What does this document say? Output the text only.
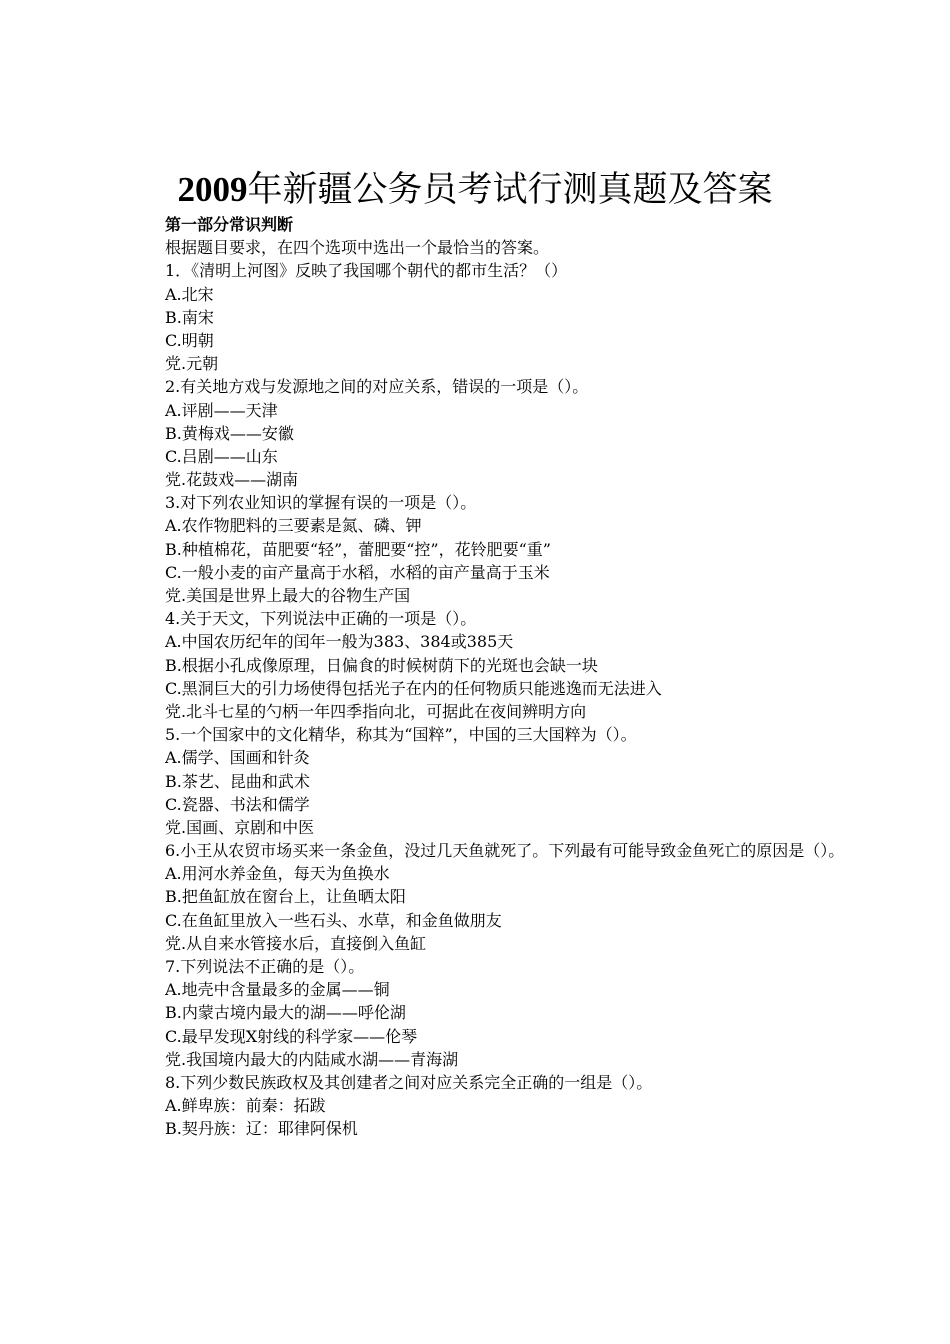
2009年新疆公务员考试行测真题及答案
第一部分常识判断
根据题目要求，在四个选项中选出一个最恰当的答案。
1．《清明上河图》反映了我国哪个朝代的都市生活？（）
A.北宋
B.南宋
C.明朝
党.元朝
2.有关地方戏与发源地之间的对应关系，错误的一项是（）。
A.评剧——天津
B.黄梅戏——安徽
C.吕剧——山东
党.花鼓戏——湖南
3.对下列农业知识的掌握有误的一项是（）。
A.农作物肥料的三要素是氮、磷、钾
B.种植棉花，苗肥要“轻”，蕾肥要“控”，花铃肥要“重”
C.一般小麦的亩产量高于水稻，水稻的亩产量高于玉米
党.美国是世界上最大的谷物生产国
4.关于天文，下列说法中正确的一项是（）。
A.中国农历纪年的闰年一般为383、384或385天
B.根据小孔成像原理，日偏食的时候树荫下的光斑也会缺一块
C.黑洞巨大的引力场使得包括光子在内的任何物质只能逃逸而无法进入
党.北斗七星的勺柄一年四季指向北，可据此在夜间辨明方向
5.一个国家中的文化精华，称其为“国粹”，中国的三大国粹为（）。
A.儒学、国画和针灸
B.茶艺、昆曲和武术
C.瓷器、书法和儒学
党.国画、京剧和中医
6.小王从农贸市场买来一条金鱼，没过几天鱼就死了。下列最有可能导致金鱼死亡的原因是（）。
A.用河水养金鱼，每天为鱼换水
B.把鱼缸放在窗台上，让鱼晒太阳
C.在鱼缸里放入一些石头、水草，和金鱼做朋友
党.从自来水管接水后，直接倒入鱼缸
7.下列说法不正确的是（）。
A.地壳中含量最多的金属——铜
B.内蒙古境内最大的湖——呼伦湖
C.最早发现X射线的科学家——伦琴
党.我国境内最大的内陆咸水湖——青海湖
8.下列少数民族政权及其创建者之间对应关系完全正确的一组是（）。
A.鲜卑族：前秦：拓跋
B.契丹族：辽：耶律阿保机
